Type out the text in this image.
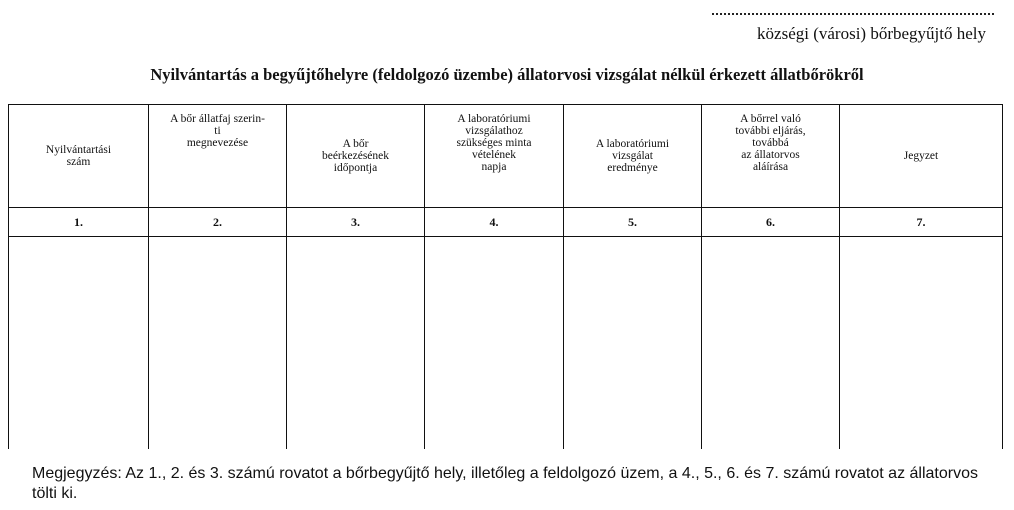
községi (városi) bőrbegyűjtő hely
Nyilvántartás a begyűjtőhelyre (feldolgozó üzembe) állatorvosi vizsgálat nélkül érkezett állatbőrökről
Nyilvántartási
szám	A bőr állatfaj szerin-
ti
megnevezése	A bőr
beérkezésének
időpontja	A laboratóriumi
vizsgálathoz
szükséges minta
vételének
napja	A laboratóriumi
vizsgálat
eredménye	A bőrrel való
további eljárás,
továbbá
az állatorvos
aláírása	Jegyzet
1.	2.	3.	4.	5.	6.	7.

Megjegyzés: Az 1., 2. és 3. számú rovatot a bőrbegyűjtő hely, illetőleg a feldolgozó üzem, a 4., 5., 6. és 7. számú rovatot az állatorvos tölti ki.
